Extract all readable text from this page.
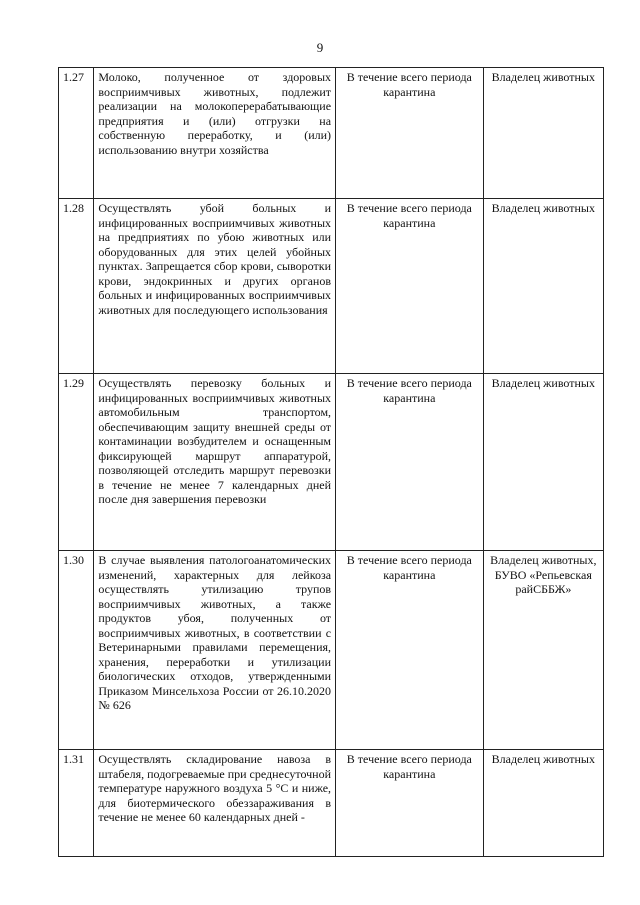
9
1.27	Молоко, полученное от здоровых восприимчивых животных, подлежит реализации на молокоперерабатывающие предприятия и (или) отгрузки на собственную переработку, и (или) использованию внутри хозяйства	В течение всего периода карантина	Владелец животных
1.28	Осуществлять убой больных и инфицированных восприимчивых животных на предприятиях по убою животных или оборудованных для этих целей убойных пунктах. Запрещается сбор крови, сыворотки крови, эндокринных и других органов больных и инфицированных восприимчивых животных для последующего использования	В течение всего периода карантина	Владелец животных
1.29	Осуществлять перевозку больных и инфицированных восприимчивых животных автомобильным транспортом, обеспечивающим защиту внешней среды от контаминации возбудителем и оснащенным фиксирующей маршрут аппаратурой, позволяющей отследить маршрут перевозки в течение не менее 7 календарных дней после дня завершения перевозки	В течение всего периода карантина	Владелец животных
1.30	В случае выявления патологоанатомических изменений, характерных для лейкоза осуществлять утилизацию трупов восприимчивых животных, а также продуктов убоя, полученных от восприимчивых животных, в соответствии с Ветеринарными правилами перемещения, хранения, переработки и утилизации биологических отходов, утвержденными Приказом Минсельхоза России от 26.10.2020 № 626	В течение всего периода карантина	Владелец животных, БУВО «Репьевская райСББЖ»
1.31	Осуществлять складирование навоза в штабеля, подогреваемые при среднесуточной температуре наружного воздуха 5 °С и ниже, для биотермического обеззараживания в течение не менее 60 календарных дней -	В течение всего периода карантина	Владелец животных
